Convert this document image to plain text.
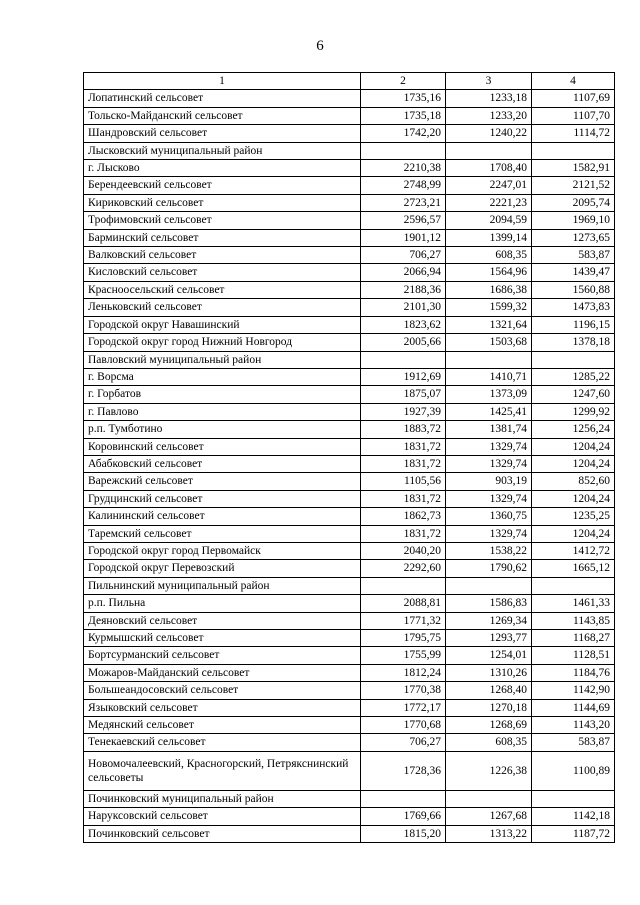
6
1	2	3	4
Лопатинский сельсовет	1735,16	1233,18	1107,69
Тольско-Майданский сельсовет	1735,18	1233,20	1107,70
Шандровский сельсовет	1742,20	1240,22	1114,72
Лысковский муниципальный район			
г. Лысково	2210,38	1708,40	1582,91
Берендеевский сельсовет	2748,99	2247,01	2121,52
Кириковский сельсовет	2723,21	2221,23	2095,74
Трофимовский сельсовет	2596,57	2094,59	1969,10
Барминский сельсовет	1901,12	1399,14	1273,65
Валковский сельсовет	706,27	608,35	583,87
Кисловский сельсовет	2066,94	1564,96	1439,47
Красноосельский сельсовет	2188,36	1686,38	1560,88
Леньковский сельсовет	2101,30	1599,32	1473,83
Городской округ Навашинский	1823,62	1321,64	1196,15
Городской округ город Нижний Новгород	2005,66	1503,68	1378,18
Павловский муниципальный район			
г. Ворсма	1912,69	1410,71	1285,22
г. Горбатов	1875,07	1373,09	1247,60
г. Павлово	1927,39	1425,41	1299,92
р.п. Тумботино	1883,72	1381,74	1256,24
Коровинский сельсовет	1831,72	1329,74	1204,24
Абабковский сельсовет	1831,72	1329,74	1204,24
Варежский сельсовет	1105,56	903,19	852,60
Грудцинский сельсовет	1831,72	1329,74	1204,24
Калининский сельсовет	1862,73	1360,75	1235,25
Таремский сельсовет	1831,72	1329,74	1204,24
Городской округ город Первомайск	2040,20	1538,22	1412,72
Городской округ Перевозский	2292,60	1790,62	1665,12
Пильнинский муниципальный район			
р.п. Пильна	2088,81	1586,83	1461,33
Деяновский сельсовет	1771,32	1269,34	1143,85
Курмышский сельсовет	1795,75	1293,77	1168,27
Бортсурманский сельсовет	1755,99	1254,01	1128,51
Можаров-Майданский сельсовет	1812,24	1310,26	1184,76
Большеандосовский сельсовет	1770,38	1268,40	1142,90
Языковский сельсовет	1772,17	1270,18	1144,69
Медянский сельсовет	1770,68	1268,69	1143,20
Тенекаевский сельсовет	706,27	608,35	583,87
Новомочалеевский, Красногорский, Петрякснинский сельсоветы	1728,36	1226,38	1100,89
Починковский муниципальный район			
Наруксовский сельсовет	1769,66	1267,68	1142,18
Починковский сельсовет	1815,20	1313,22	1187,72
